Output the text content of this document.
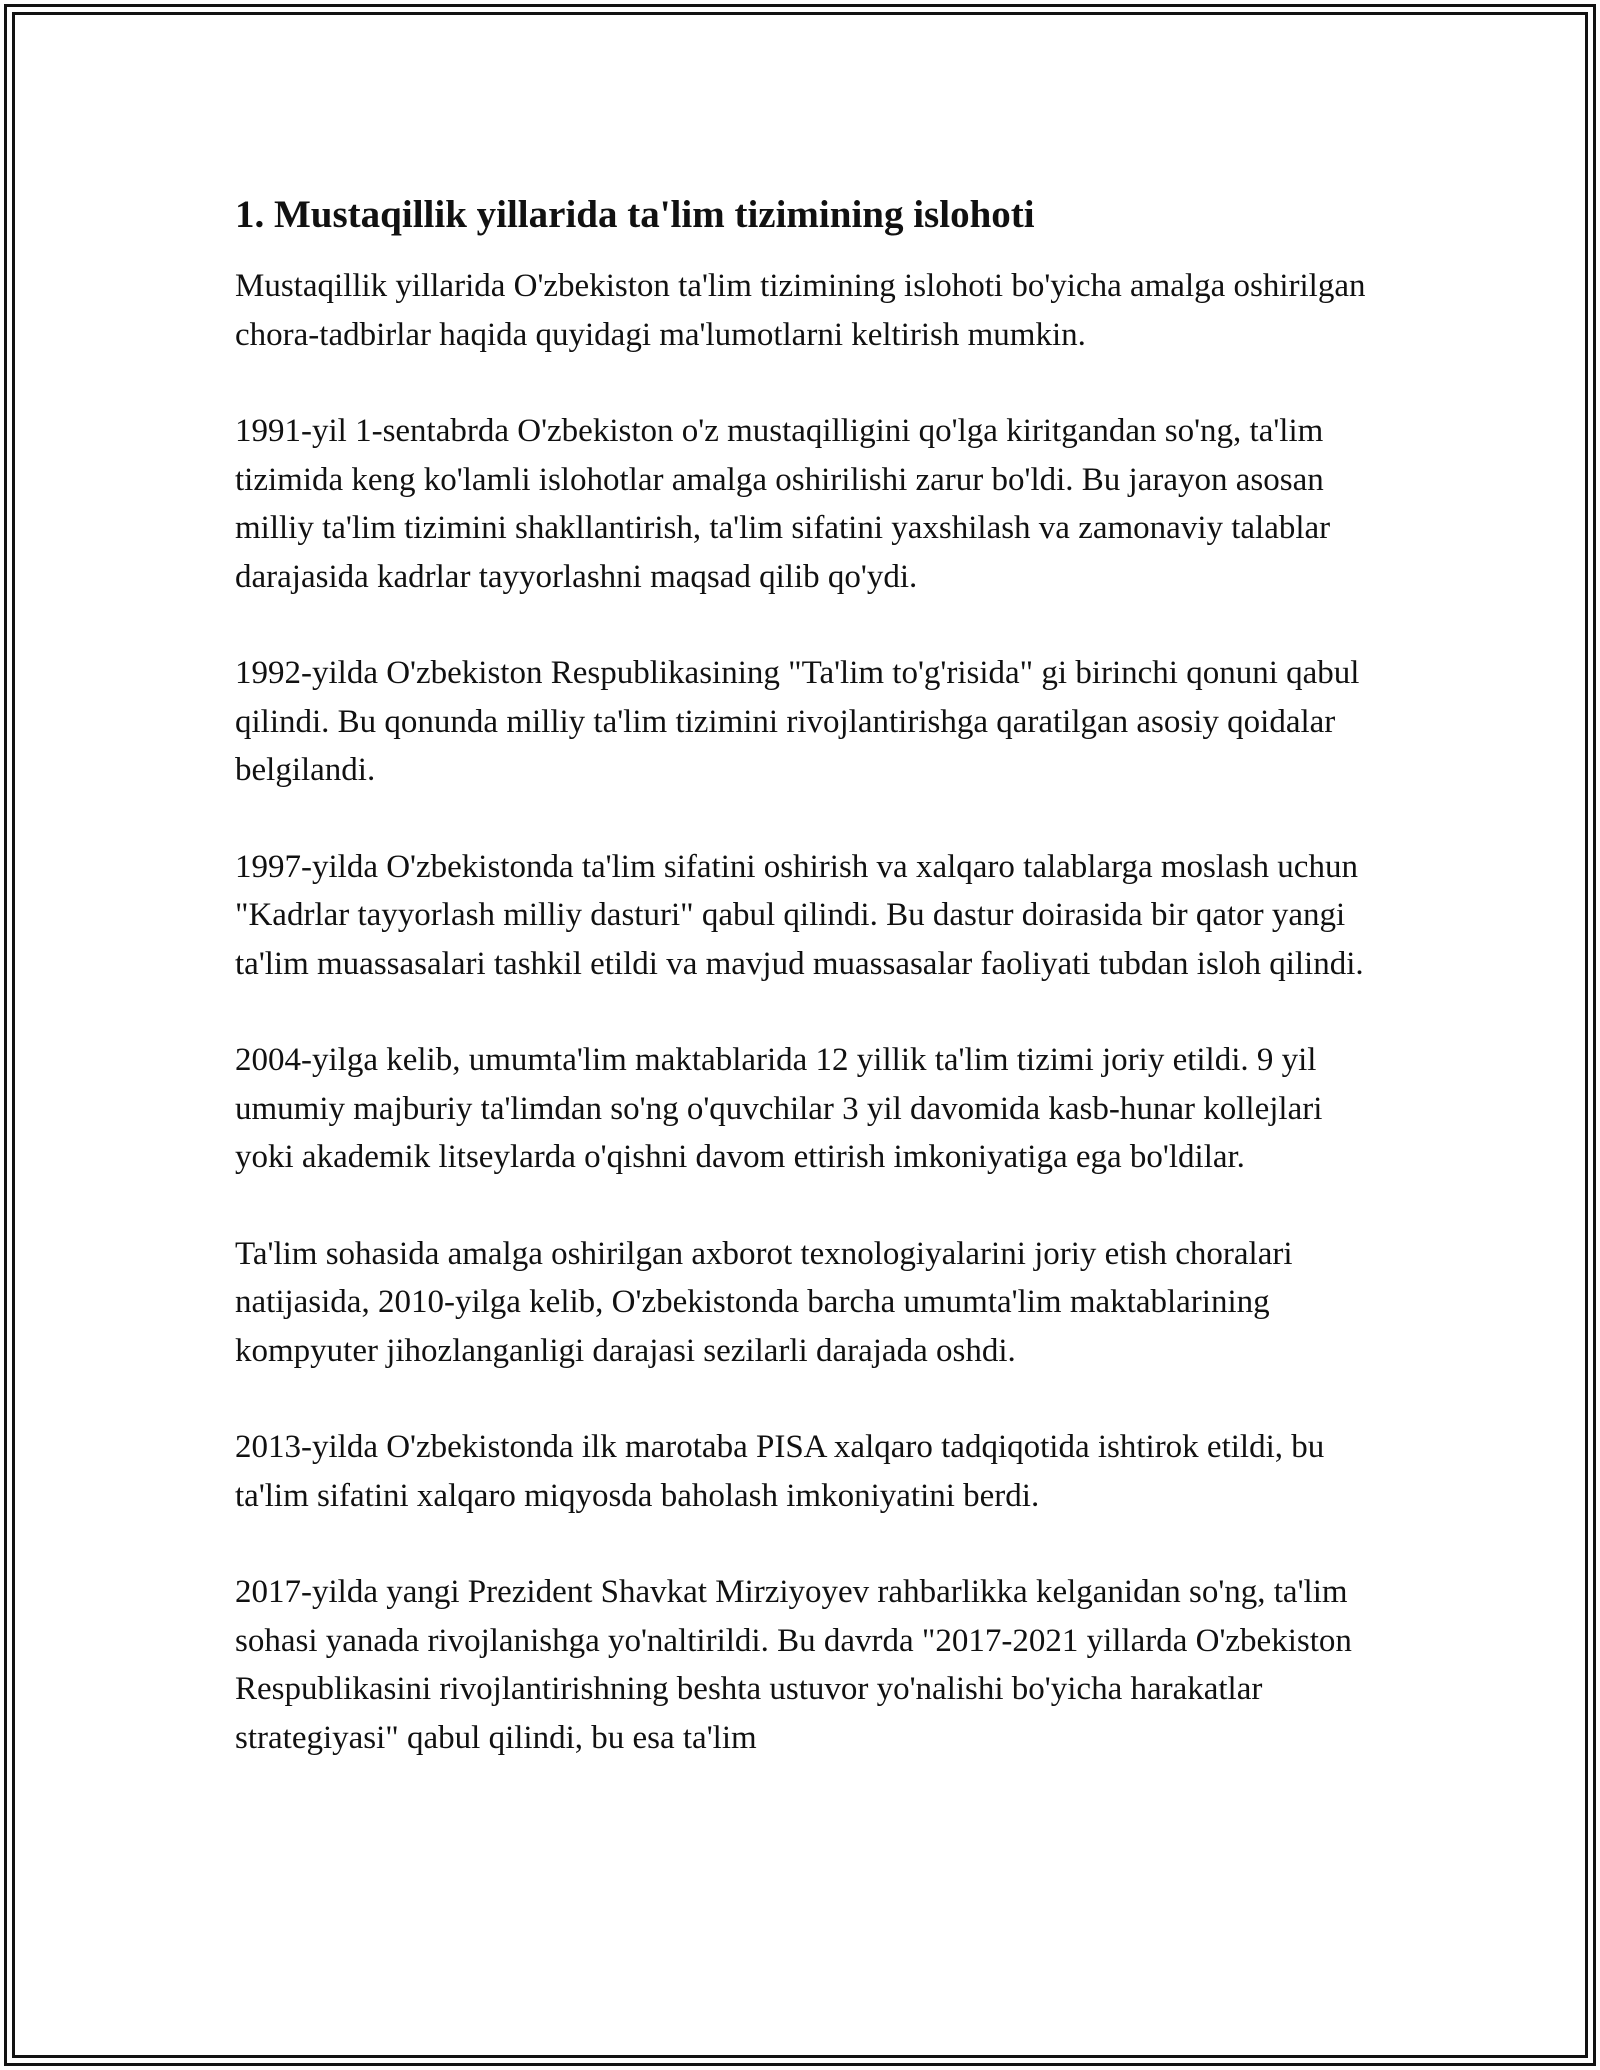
1. Mustaqillik yillarida ta'lim tizimining islohoti

Mustaqillik yillarida O'zbekiston ta'lim tizimining islohoti bo'yicha amalga oshirilgan chora-tadbirlar haqida quyidagi ma'lumotlarni keltirish mumkin.

1991-yil 1-sentabrda O'zbekiston o'z mustaqilligini qo'lga kiritgandan so'ng, ta'lim tizimida keng ko'lamli islohotlar amalga oshirilishi zarur bo'ldi. Bu jarayon asosan milliy ta'lim tizimini shakllantirish, ta'lim sifatini yaxshilash va zamonaviy talablar darajasida kadrlar tayyorlashni maqsad qilib qo'ydi.

1992-yilda O'zbekiston Respublikasining "Ta'lim to'g'risida" gi birinchi qonuni qabul qilindi. Bu qonunda milliy ta'lim tizimini rivojlantirishga qaratilgan asosiy qoidalar belgilandi.

1997-yilda O'zbekistonda ta'lim sifatini oshirish va xalqaro talablarga moslash uchun "Kadrlar tayyorlash milliy dasturi" qabul qilindi. Bu dastur doirasida bir qator yangi ta'lim muassasalari tashkil etildi va mavjud muassasalar faoliyati tubdan isloh qilindi.

2004-yilga kelib, umumta'lim maktablarida 12 yillik ta'lim tizimi joriy etildi. 9 yil umumiy majburiy ta'limdan so'ng o'quvchilar 3 yil davomida kasb-hunar kollejlari yoki akademik litseylarda o'qishni davom ettirish imkoniyatiga ega bo'ldilar.

Ta'lim sohasida amalga oshirilgan axborot texnologiyalarini joriy etish choralari natijasida, 2010-yilga kelib, O'zbekistonda barcha umumta'lim maktablarining kompyuter jihozlanganligi darajasi sezilarli darajada oshdi.

2013-yilda O'zbekistonda ilk marotaba PISA xalqaro tadqiqotida ishtirok etildi, bu ta'lim sifatini xalqaro miqyosda baholash imkoniyatini berdi.

2017-yilda yangi Prezident Shavkat Mirziyoyev rahbarlikka kelganidan so'ng, ta'lim sohasi yanada rivojlanishga yo'naltirildi. Bu davrda "2017-2021 yillarda O'zbekiston Respublikasini rivojlantirishning beshta ustuvor yo'nalishi bo'yicha harakatlar strategiyasi" qabul qilindi, bu esa ta'lim
